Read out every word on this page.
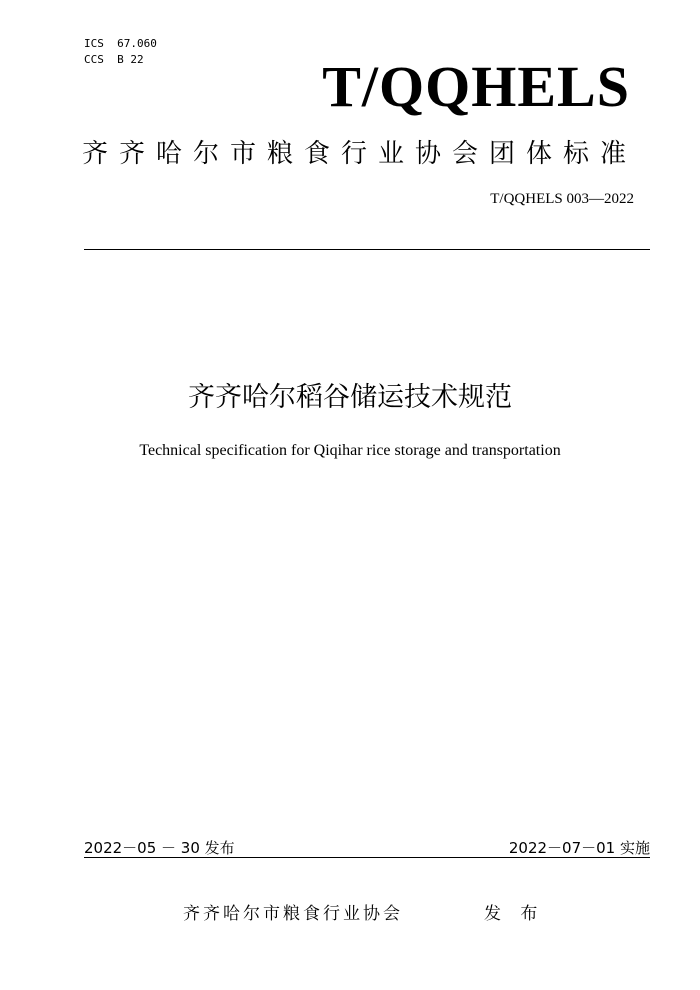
ICS  67.060
CCS  B 22	T/QQHELS
齐齐哈尔市粮食行业协会团体标准
T/QQHELS 003—2022
齐齐哈尔稻谷储运技术规范
Technical specification for Qiqihar rice storage and transportation
2022－05 － 30 发布	2022－07－01 实施
齐齐哈尔市粮食行业协会	发 布
